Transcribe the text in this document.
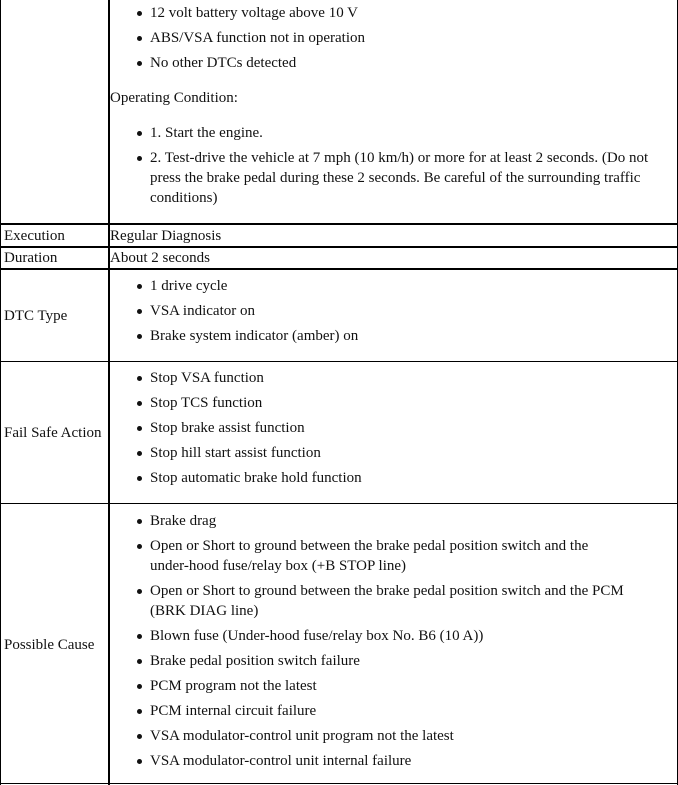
12 volt battery voltage above 10 V
ABS/VSA function not in operation
No other DTCs detected
Operating Condition:
1. Start the engine.
2. Test-drive the vehicle at 7 mph (10 km/h) or more for at least 2 seconds. (Do not press the brake pedal during these 2 seconds. Be careful of the surrounding traffic conditions)
Execution	Regular Diagnosis
Duration	About 2 seconds
DTC Type
1 drive cycle
VSA indicator on
Brake system indicator (amber) on
Fail Safe Action
Stop VSA function
Stop TCS function
Stop brake assist function
Stop hill start assist function
Stop automatic brake hold function
Possible Cause
Brake drag
Open or Short to ground between the brake pedal position switch and the under-hood fuse/relay box (+B STOP line)
Open or Short to ground between the brake pedal position switch and the PCM (BRK DIAG line)
Blown fuse (Under-hood fuse/relay box No. B6 (10 A))
Brake pedal position switch failure
PCM program not the latest
PCM internal circuit failure
VSA modulator-control unit program not the latest
VSA modulator-control unit internal failure
